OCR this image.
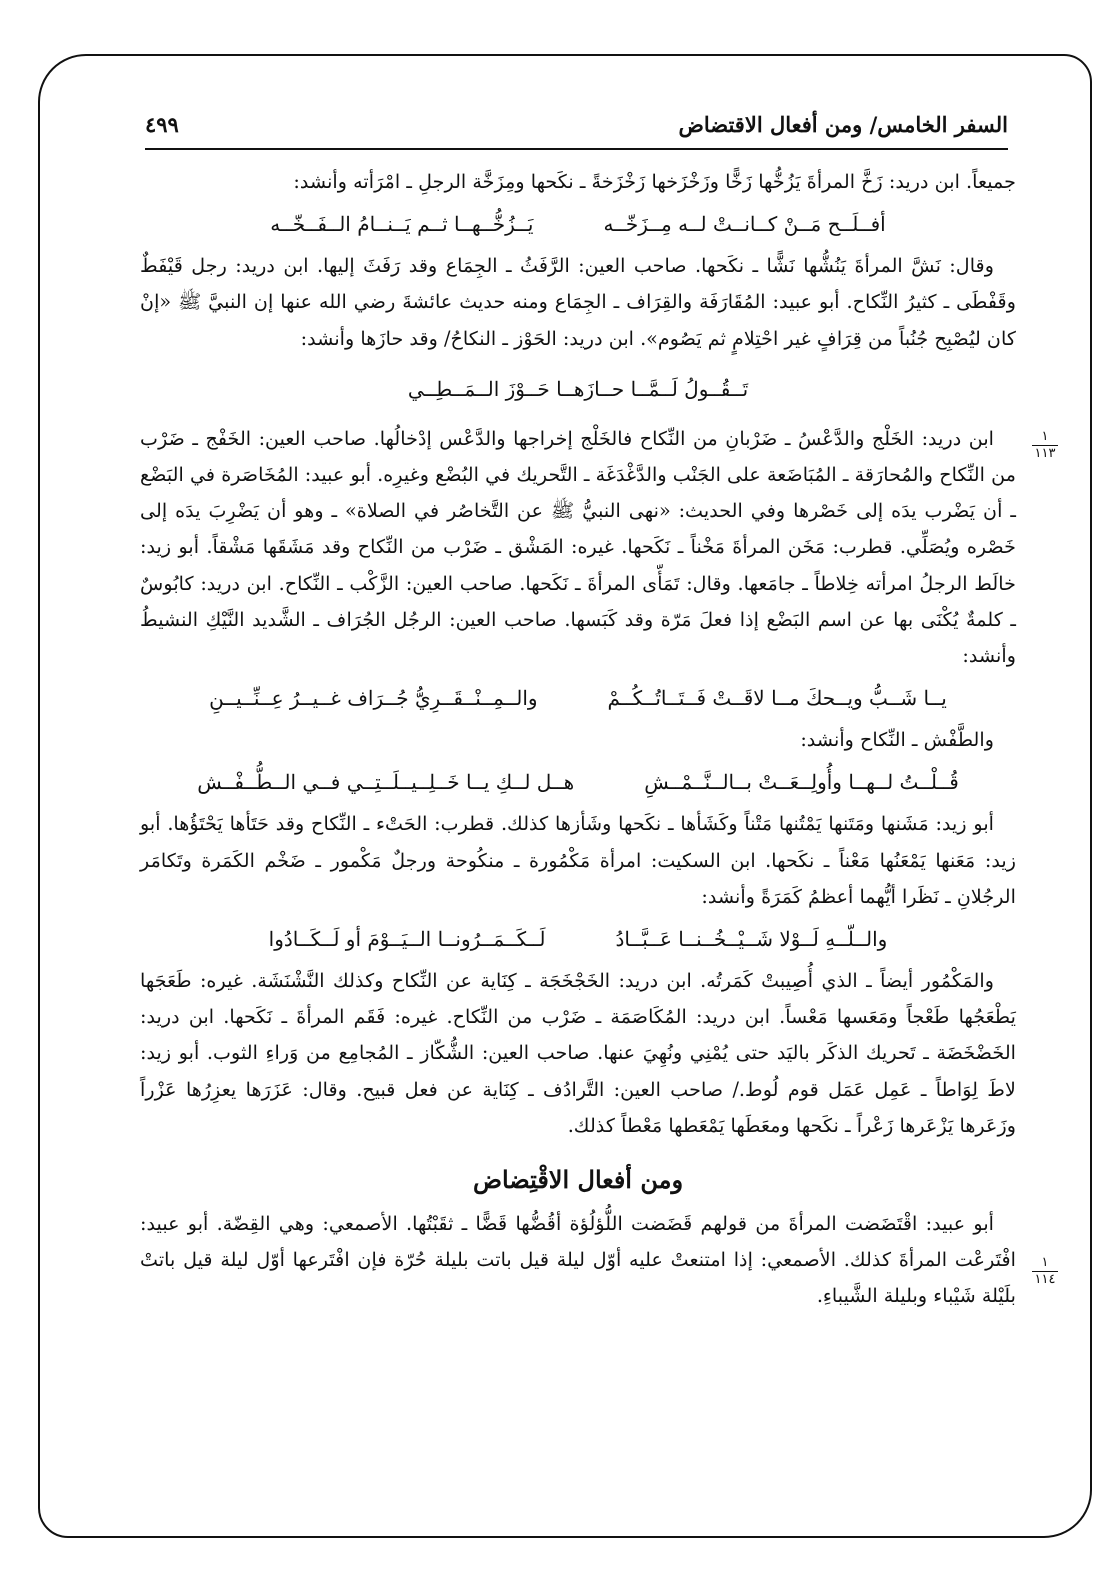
السفر الخامس/ ومن أفعال الاقتضاض
٤٩٩
١
١١٣
١
١١٤

جميعاً. ابن دريد: زَخَّ المرأةَ يَزُخُّها زَخًّا وزَخْزَخها زَخْزَخةً ـ نكَحها ومِزَخَّة الرجلِ ـ امْرَأته وأنشد:

أفــلَــح مَــنْ كــانــتْ لــه مِــزَخّــه
يَــزُخُّــهــا ثــم يَــنــامُ الــفَــخّــه

وقال: نَشَّ المرأةَ يَنُشُّها نَشًّا ـ نكَحها. صاحب العين: الرَّفَثُ ـ الجِمَاع وقد رَفَثَ إليها. ابن دريد: رجل قَيْفَطٌ وقَفْطَى ـ كثيرُ النِّكاح. أبو عبيد: المُقَارَفَة والقِرَاف ـ الجِمَاع ومنه حديث عائشةَ رضي الله عنها إن النبيَّ ﷺ «إنْ كان ليُصْبِح جُنُباً من قِرَافٍ غير احْتِلامٍ ثم يَصُوم». ابن دريد: الحَوْز ـ النكاحُ/ وقد حازَها وأنشد:

تَــقُــولُ لَــمَّــا حــازَهــا حَــوْزَ الــمَــطِــي

ابن دريد: الخَلْج والدَّعْسُ ـ ضَرْبانِ من النِّكاح فالخَلْج إخراجها والدَّعْس إدْخالُها. صاحب العين: الخَفْج ـ ضَرْب من النِّكاح والمُحارَقة ـ المُبَاضَعة على الجَنْب والدَّغْدَغَة ـ التَّحريك في البُضْع وغيرِه. أبو عبيد: المُخَاصَرة في البَضْع ـ أن يَضْرب يدَه إلى خَصْرها وفي الحديث: «نهى النبيُّ ﷺ عن التَّخاصُر في الصلاة» ـ وهو أن يَضْرِبَ يدَه إلى خَصْره ويُصَلِّي. قطرب: مَخَن المرأةَ مَخْناً ـ نَكَحها. غيره: المَشْق ـ ضَرْب من النِّكاح وقد مَشَقَها مَشْقاً. أبو زيد: خالَط الرجلُ امرأته خِلاطاً ـ جامَعها. وقال: تَمَأّى المرأةَ ـ نَكَحها. صاحب العين: الزَّكْب ـ النِّكاح. ابن دريد: كابُوسٌ ـ كلمةٌ يُكْنَى بها عن اسم البَضْع إذا فعلَ مَرّة وقد كَبَسها. صاحب العين: الرجُل الجُرَاف ـ الشَّديد النَّيْكِ النشيطُ وأنشد:

يــا شَــبُّ ويــحكَ مــا لاقَــتْ فَــتَــاتُــكُــمْ
والــمِــنْــقَــرِيُّ جُــرَاف غــيــرُ عِــنِّــيــنِ

والطَّفْش ـ النِّكاح وأنشد:

قُــلْــتُ لــهــا وأُولِــعَــتْ بــالــنَّــمْــشِ
هــل لــكِ يــا خَــلِــيــلَــتِــي فــي الــطُّــفْــش

أبو زيد: مَشَنها ومَتَنها يَمْتُنها مَتْناً وكَشَأها ـ نكَحها وشَأزها كذلك. قطرب: الحَتْء ـ النِّكاح وقد حَتَأها يَحْتَؤُها. أبو زيد: مَعَنها يَمْعَنُها مَعْناً ـ نكَحها. ابن السكيت: امرأة مَكْمُورة ـ منكُوحة ورجلٌ مَكْمور ـ ضَخْم الكَمَرة وتَكامَر الرجُلانِ ـ نَظَرا أيُّهما أعظمُ كَمَرَةً وأنشد:

والــلّــهِ لَــوْلا شَــيْــخُــنــا عَــبَّــادُ
لَــكَــمَــرُونــا الــيَــوْمَ أو لَــكَــادُوا

والمَكْمُور أيضاً ـ الذي أُصِيبتْ كَمَرتُه. ابن دريد: الخَجْخَجَة ـ كِنَاية عن النِّكاح وكذلك النَّشْنَشَة. غيره: طَعَجَها يَطْعَجُها طَعْجاً ومَعَسها مَعْساً. ابن دريد: المُكَاصَمَة ـ ضَرْب من النِّكاح. غيره: فَقَم المرأةَ ـ نَكَحها. ابن دريد: الخَضْخَضَة ـ تَحريك الذكَر باليَد حتى يُمْنِي ونُهِيَ عنها. صاحب العين: الشُّكّاز ـ المُجامِع من وَراءِ الثوب. أبو زيد: لاطَ لِوَاطاً ـ عَمِل عَمَل قوم لُوط./ صاحب العين: التَّرادُف ـ كِنَاية عن فعل قبيح. وقال: عَزَرَها يعزِرُها عَزْراً وزَعَرها يَزْعَرها زَعْراً ـ نكَحها ومعَطَها يَمْعَطها مَعْطاً كذلك.

ومن أفعال الاقْتِضاض

أبو عبيد: اقْتَضَضت المرأةَ من قولهم قَضَضت اللُّؤلُؤة أقُضُّها قَضًّا ـ ثقَبْتُها. الأصمعي: وهي القِضّة. أبو عبيد: افْتَرعْت المرأةَ كذلك. الأصمعي: إذا امتنعتْ عليه أوّل ليلة قيل باتت بليلة حُرّة فإن افْتَرعها أوّل ليلة قيل باتتْ بلَيْلة شَيْباء وبليلة الشَّيباءِ.
